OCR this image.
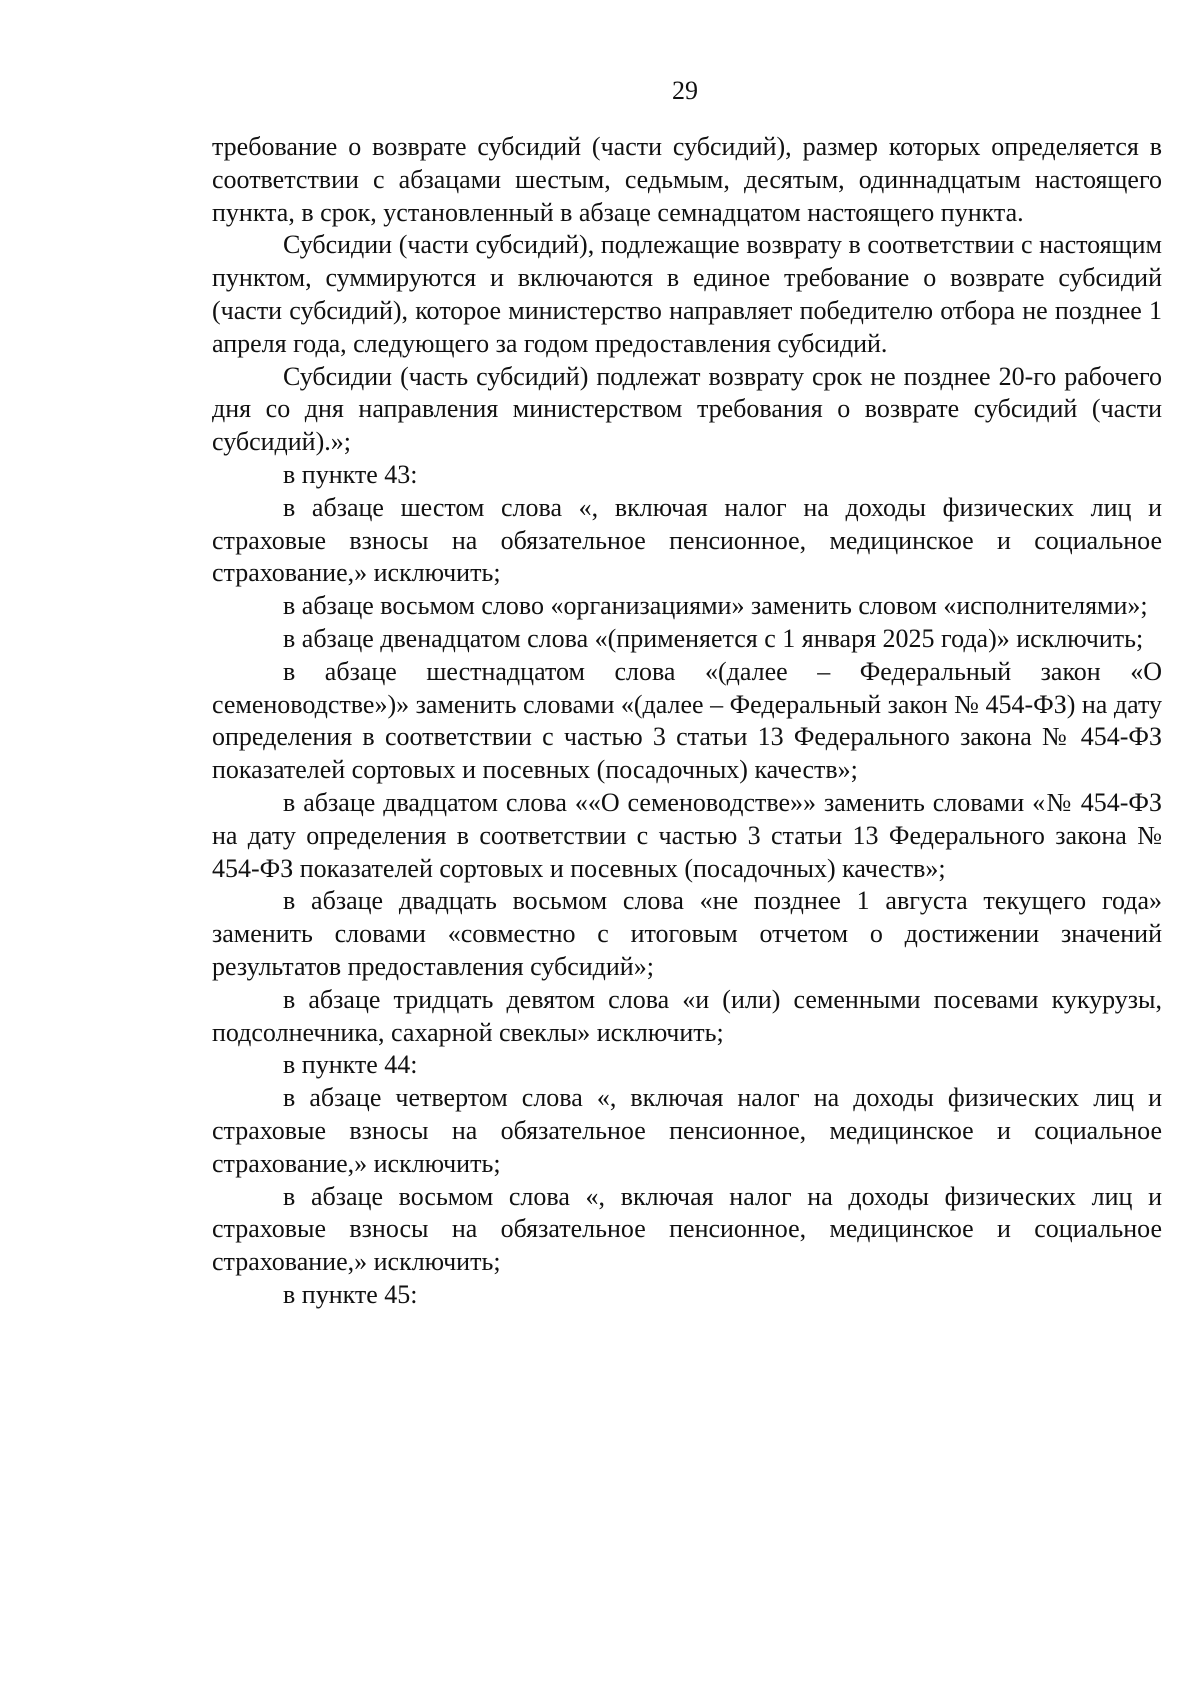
29

требование о возврате субсидий (части субсидий), размер которых определяется в соответствии с абзацами шестым, седьмым, десятым, одиннадцатым настоящего пункта, в срок, установленный в абзаце семнадцатом настоящего пункта.

Субсидии (части субсидий), подлежащие возврату в соответствии с настоящим пунктом, суммируются и включаются в единое требование о возврате субсидий (части субсидий), которое министерство направляет победителю отбора не позднее 1 апреля года, следующего за годом предоставления субсидий.

Субсидии (часть субсидий) подлежат возврату срок не позднее 20-го рабочего дня со дня направления министерством требования о возврате субсидий (части субсидий).»;

в пункте 43:

в абзаце шестом слова «, включая налог на доходы физических лиц и страховые взносы на обязательное пенсионное, медицинское и социальное страхование,» исключить;

в абзаце восьмом слово «организациями» заменить словом «исполнителями»;

в абзаце двенадцатом слова «(применяется с 1 января 2025 года)» исключить;

в абзаце шестнадцатом слова «(далее – Федеральный закон «О семеноводстве»)» заменить словами «(далее – Федеральный закон № 454-ФЗ) на дату определения в соответствии с частью 3 статьи 13 Федерального закона № 454-ФЗ показателей сортовых и посевных (посадочных) качеств»;

в абзаце двадцатом слова ««О семеноводстве»» заменить словами «№ 454-ФЗ на дату определения в соответствии с частью 3 статьи 13 Федерального закона № 454-ФЗ показателей сортовых и посевных (посадочных) качеств»;

в абзаце двадцать восьмом слова «не позднее 1 августа текущего года» заменить словами «совместно с итоговым отчетом о достижении значений результатов предоставления субсидий»;

в абзаце тридцать девятом слова «и (или) семенными посевами кукурузы, подсолнечника, сахарной свеклы» исключить;

в пункте 44:

в абзаце четвертом слова «, включая налог на доходы физических лиц и страховые взносы на обязательное пенсионное, медицинское и социальное страхование,» исключить;

в абзаце восьмом слова «, включая налог на доходы физических лиц и страховые взносы на обязательное пенсионное, медицинское и социальное страхование,» исключить;

в пункте 45:
